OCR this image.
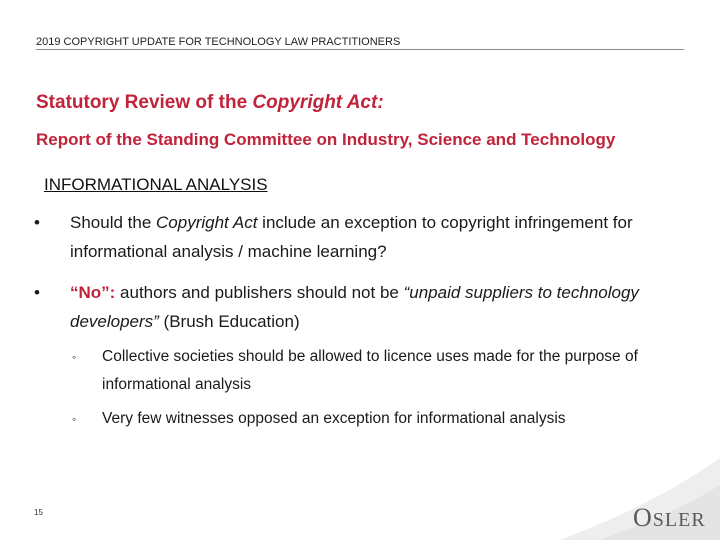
2019 COPYRIGHT UPDATE FOR TECHNOLOGY LAW PRACTITIONERS
Statutory Review of the Copyright Act:
Report of the Standing Committee on Industry, Science and Technology
INFORMATIONAL ANALYSIS
• Should the Copyright Act include an exception to copyright infringement for informational analysis / machine learning?
• “No”: authors and publishers should not be “unpaid suppliers to technology developers” (Brush Education)
◦ Collective societies should be allowed to licence uses made for the purpose of informational analysis
◦ Very few witnesses opposed an exception for informational analysis
15	OSLER
